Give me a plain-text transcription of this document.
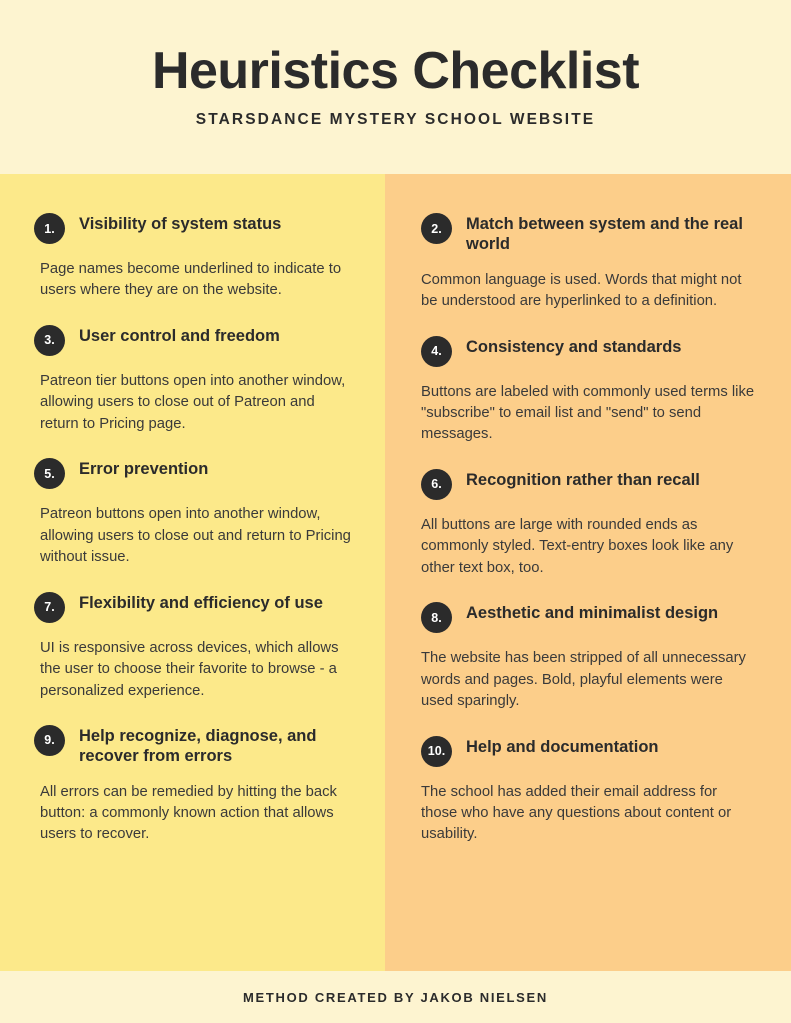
Heuristics Checklist
STARSDANCE MYSTERY SCHOOL WEBSITE
1.	Visibility of system status

Page names become underlined to indicate to users where they are on the website.

3.	User control and freedom

Patreon tier buttons open into another window, allowing users to close out of Patreon and return to Pricing page.

5.	Error prevention

Patreon buttons open into another window, allowing users to close out and return to Pricing without issue.

7.	Flexibility and efficiency of use

UI is responsive across devices, which allows the user to choose their favorite to browse - a personalized experience.

9.	Help recognize, diagnose, and recover from errors

All errors can be remedied by hitting the back button: a commonly known action that allows users to recover.

2.	Match between system and the real world

Common language is used. Words that might not be understood are hyperlinked to a definition.

4.	Consistency and standards

Buttons are labeled with commonly used terms like "subscribe" to email list and "send" to send messages.

6.	Recognition rather than recall

All buttons are large with rounded ends as commonly styled. Text-entry boxes look like any other text box, too.

8.	Aesthetic and minimalist design

The website has been stripped of all unnecessary words and pages. Bold, playful elements were used sparingly.

10.	Help and documentation

The school has added their email address for those who have any questions about content or usability.

METHOD CREATED BY JAKOB NIELSEN
